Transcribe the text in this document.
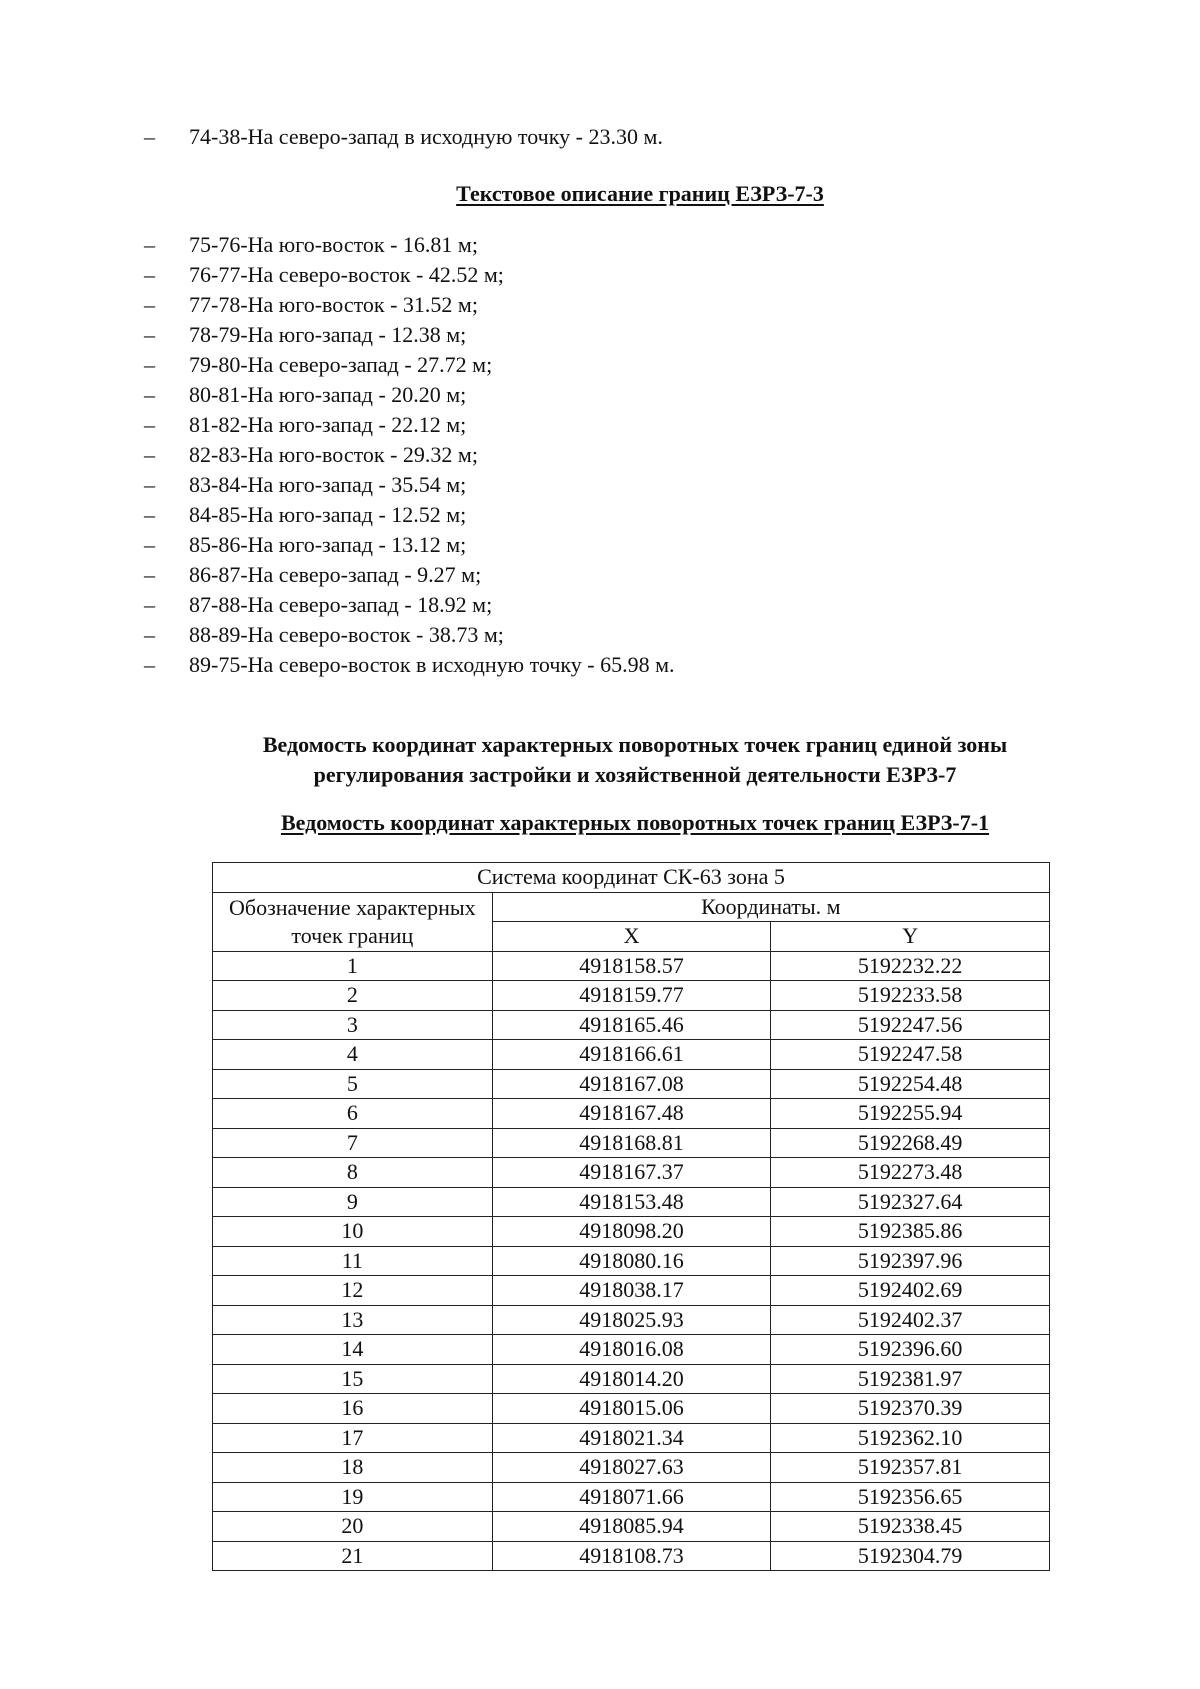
– 74-38-На северо-запад в исходную точку - 23.30 м.
Текстовое описание границ ЕЗРЗ-7-3
– 75-76-На юго-восток - 16.81 м;
– 76-77-На северо-восток - 42.52 м;
– 77-78-На юго-восток - 31.52 м;
– 78-79-На юго-запад - 12.38 м;
– 79-80-На северо-запад - 27.72 м;
– 80-81-На юго-запад - 20.20 м;
– 81-82-На юго-запад - 22.12 м;
– 82-83-На юго-восток - 29.32 м;
– 83-84-На юго-запад - 35.54 м;
– 84-85-На юго-запад - 12.52 м;
– 85-86-На юго-запад - 13.12 м;
– 86-87-На северо-запад - 9.27 м;
– 87-88-На северо-запад - 18.92 м;
– 88-89-На северо-восток - 38.73 м;
– 89-75-На северо-восток в исходную точку - 65.98 м.
Ведомость координат характерных поворотных точек границ единой зоны
регулирования застройки и хозяйственной деятельности ЕЗРЗ-7
Ведомость координат характерных поворотных точек границ ЕЗРЗ-7-1
Система координат СК-63 зона 5		

Обозначение характерных
точек границ	Координаты. м	
	X	Y
1	4918158.57	5192232.22
2	4918159.77	5192233.58
3	4918165.46	5192247.56
4	4918166.61	5192247.58
5	4918167.08	5192254.48
6	4918167.48	5192255.94
7	4918168.81	5192268.49
8	4918167.37	5192273.48
9	4918153.48	5192327.64
10	4918098.20	5192385.86
11	4918080.16	5192397.96
12	4918038.17	5192402.69
13	4918025.93	5192402.37
14	4918016.08	5192396.60
15	4918014.20	5192381.97
16	4918015.06	5192370.39
17	4918021.34	5192362.10
18	4918027.63	5192357.81
19	4918071.66	5192356.65
20	4918085.94	5192338.45
21	4918108.73	5192304.79
